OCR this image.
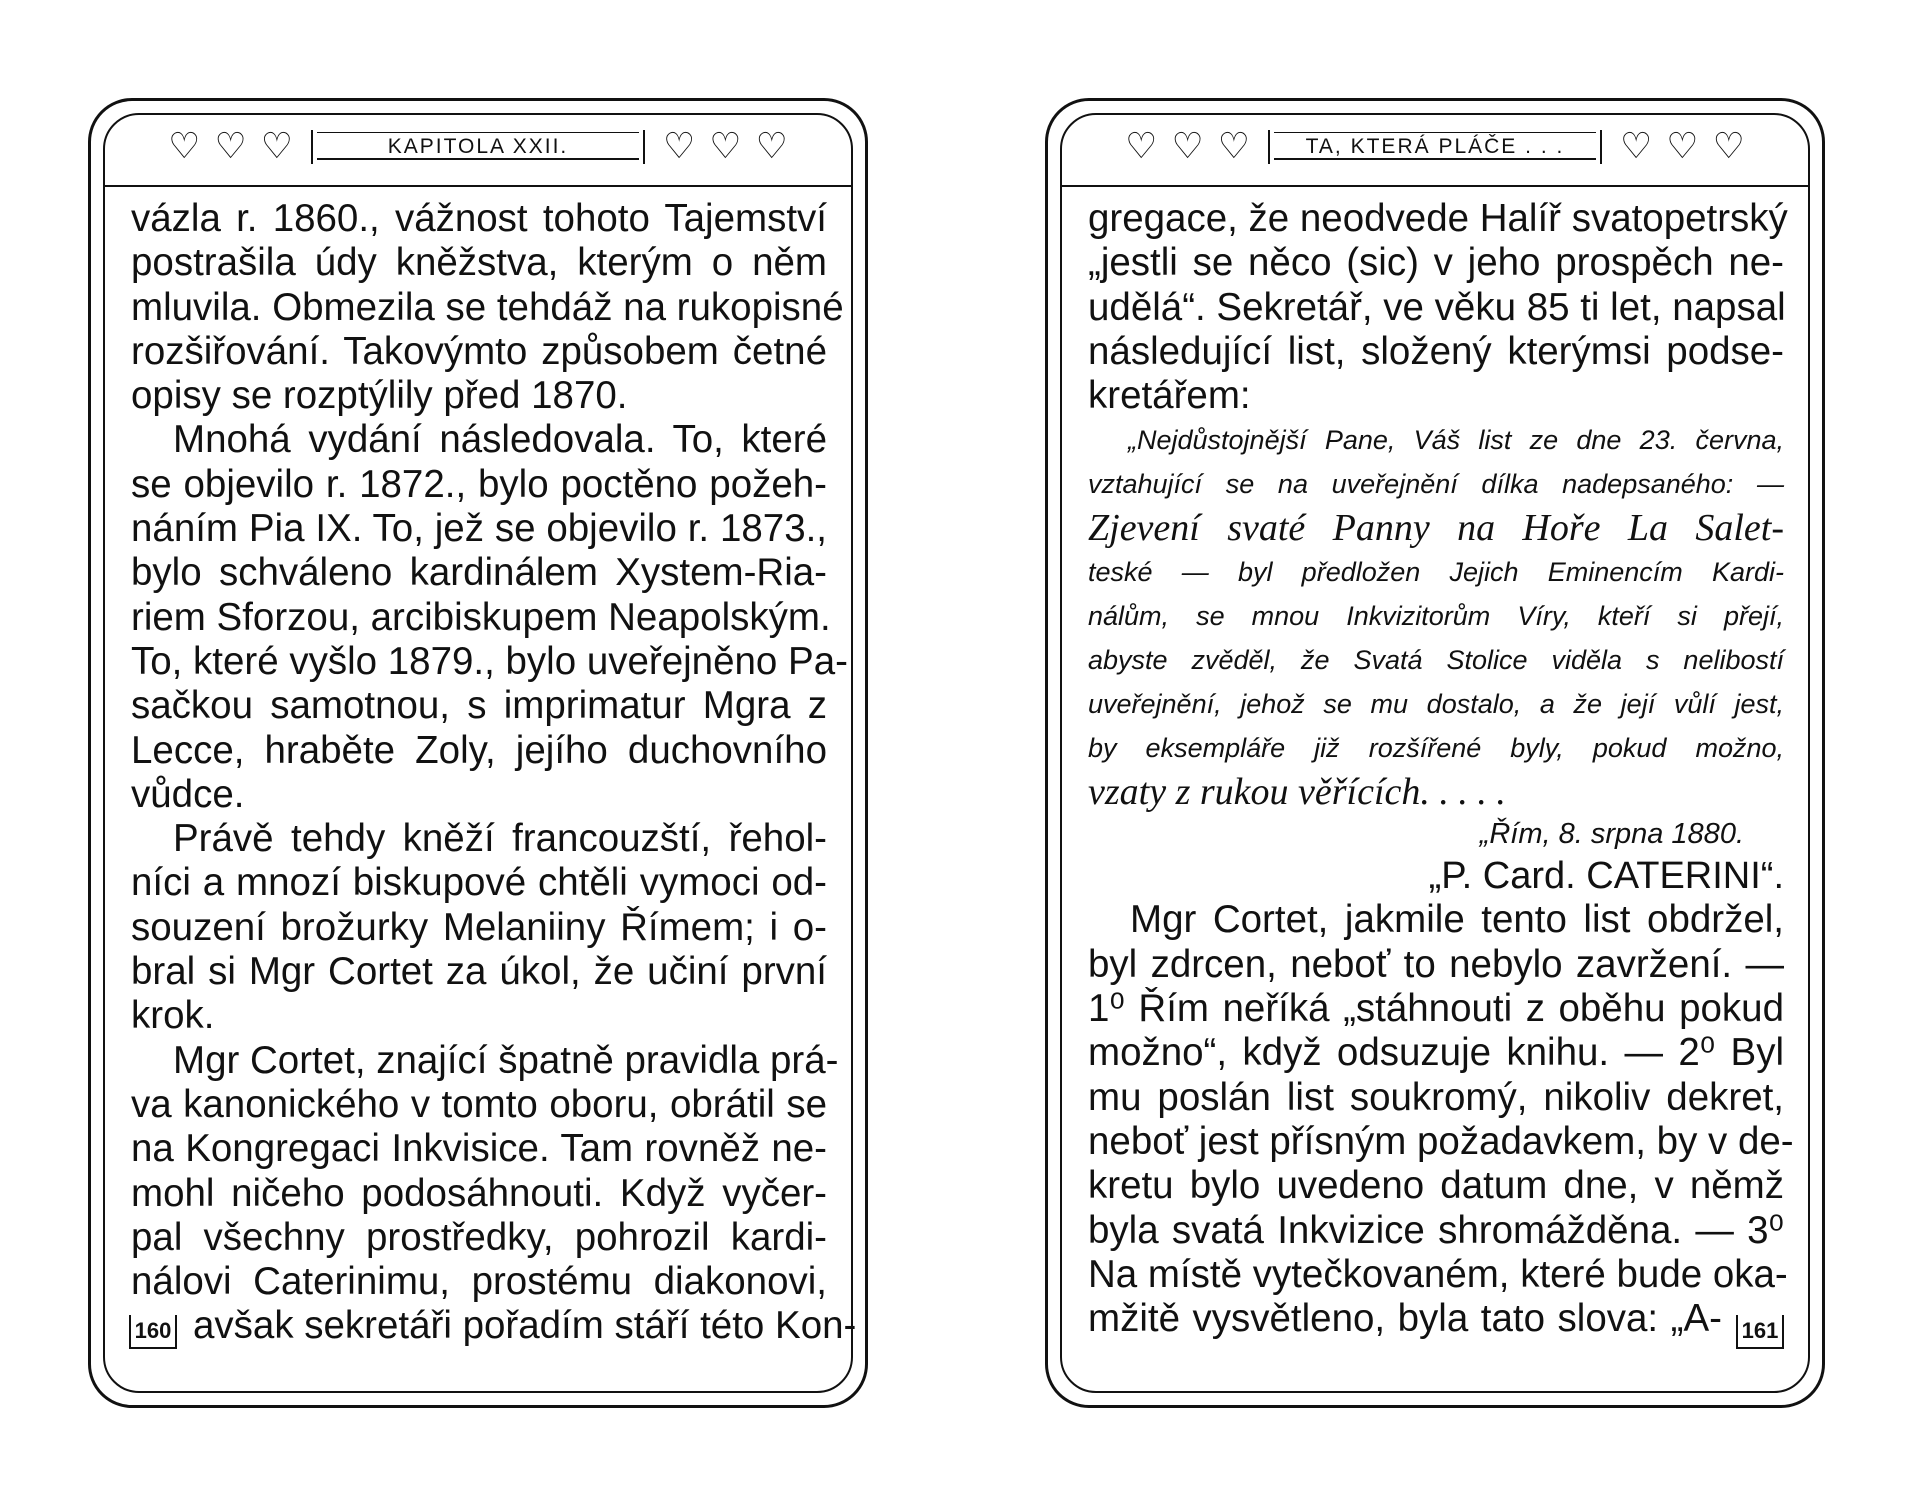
♡ ♡ ♡	KAPITOLA XXII.	♡ ♡ ♡
vázla r. 1860., vážnost tohoto Tajemství
postrašila údy kněžstva, kterým o něm
mluvila. Obmezila se tehdáž na rukopisné
rozšiřování. Takovýmto způsobem četné
opisy se rozptýlily před 1870.
Mnohá vydání následovala. To, které
se objevilo r. 1872., bylo poctěno požeh-
náním Pia IX. To, jež se objevilo r. 1873.,
bylo schváleno kardinálem Xystem-Ria-
riem Sforzou, arcibiskupem Neapolským.
To, které vyšlo 1879., bylo uveřejněno Pa-
sačkou samotnou, s imprimatur Mgra z
Lecce, hraběte Zoly, jejího duchovního
vůdce.
Právě tehdy kněží francouzští, řehol-
níci a mnozí biskupové chtěli vymoci od-
souzení brožurky Melaniiny Římem; i o-
bral si Mgr Cortet za úkol, že učiní první
krok.
Mgr Cortet, znající špatně pravidla prá-
va kanonického v tomto oboru, obrátil se
na Kongregaci Inkvisice. Tam rovněž ne-
mohl ničeho podosáhnouti. Když vyčer-
pal všechny prostředky, pohrozil kardi-
nálovi Caterinimu, prostému diakonovi,
avšak sekretáři pořadím stáří této Kon-
160
♡ ♡ ♡	TA, KTERÁ PLÁČE . . .	♡ ♡ ♡
gregace, že neodvede Halíř svatopetrský
„jestli se něco (sic) v jeho prospěch ne-
udělá“. Sekretář, ve věku 85 ti let, napsal
následující list, složený kterýmsi podse-
kretářem:
„Nejdůstojnější Pane, Váš list ze dne 23. června,
vztahující se na uveřejnění dílka nadepsaného: —
Zjevení svaté Panny na Hoře La Salet-
teské — byl předložen Jejich Eminencím Kardi-
nálům, se mnou Inkvizitorům Víry, kteří si přejí,
abyste zvěděl, že Svatá Stolice viděla s nelibostí
uveřejnění, jehož se mu dostalo, a že její vůlí jest,
by eksempláře již rozšířené byly, pokud možno,
vzaty z rukou věřících. . . . .
„Řím, 8. srpna 1880.
„P. Card. CATERINI“.
Mgr Cortet, jakmile tento list obdržel,
byl zdrcen, neboť to nebylo zavržení. —
1⁰ Řím neříká „stáhnouti z oběhu pokud
možno“, když odsuzuje knihu. — 2⁰ Byl
mu poslán list soukromý, nikoliv dekret,
neboť jest přísným požadavkem, by v de-
kretu bylo uvedeno datum dne, v němž
byla svatá Inkvizice shromážděna. — 3⁰
Na místě vytečkovaném, které bude oka-
mžitě vysvětleno, byla tato slova: „A- 161
